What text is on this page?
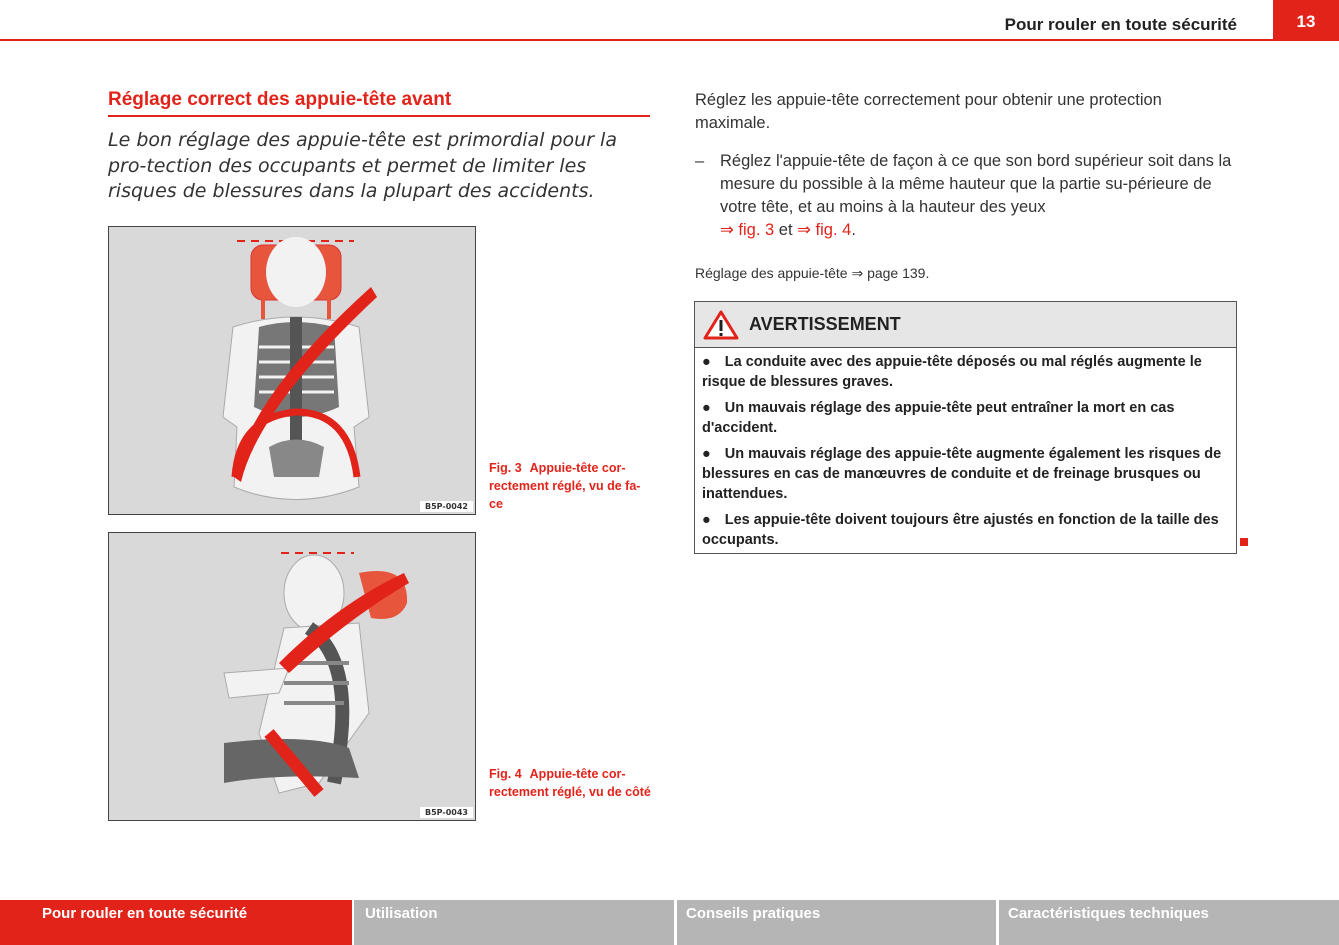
Pour rouler en toute sécurité	13
Réglage correct des appuie-tête avant
Le bon réglage des appuie-tête est primordial pour la pro-tection des occupants et permet de limiter les risques de blessures dans la plupart des accidents.
B5P-0042
Fig. 3 Appuie-tête cor-rectement réglé, vu de fa-ce
B5P-0043
Fig. 4 Appuie-tête cor-rectement réglé, vu de côté
Réglez les appuie-tête correctement pour obtenir une protection maximale.
– Réglez l'appuie-tête de façon à ce que son bord supérieur soit dans la mesure du possible à la même hauteur que la partie su-périeure de votre tête, et au moins à la hauteur des yeux
⇒ fig. 3 et ⇒ fig. 4.
Réglage des appuie-tête ⇒ page 139.
AVERTISSEMENT

● La conduite avec des appuie-tête déposés ou mal réglés augmente le risque de blessures graves.

● Un mauvais réglage des appuie-tête peut entraîner la mort en cas d'accident.

● Un mauvais réglage des appuie-tête augmente également les risques de blessures en cas de manœuvres de conduite et de freinage brusques ou inattendues.

● Les appuie-tête doivent toujours être ajustés en fonction de la taille des occupants.

Pour rouler en toute sécurité	Utilisation	Conseils pratiques	Caractéristiques techniques
